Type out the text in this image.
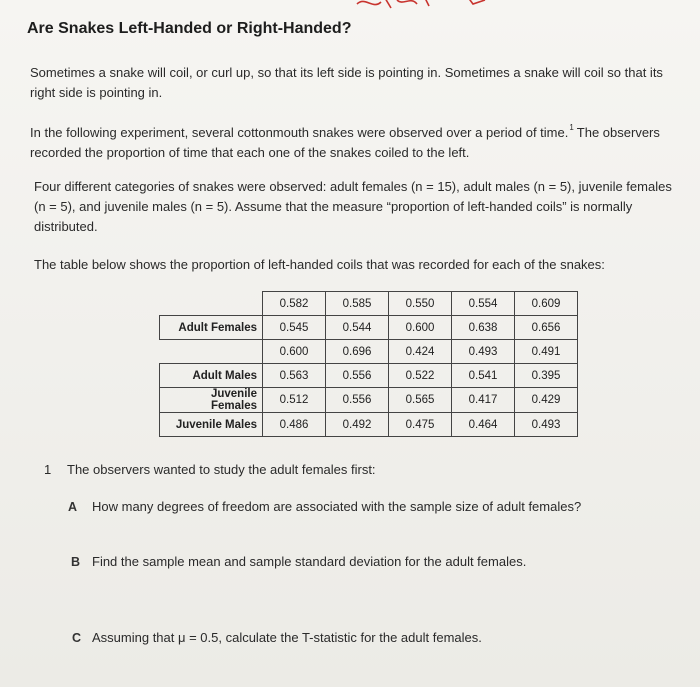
Are Snakes Left-Handed or Right-Handed?

Sometimes a snake will coil, or curl up, so that its left side is pointing in. Sometimes a snake will coil so that its right side is pointing in.

In the following experiment, several cottonmouth snakes were observed over a period of time.$^1$ The observers recorded the proportion of time that each one of the snakes coiled to the left.

Four different categories of snakes were observed: adult females (n = 15), adult males (n = 5), juvenile females (n = 5), and juvenile males (n = 5). Assume that the measure “proportion of left-handed coils” is normally distributed.

The table below shows the proportion of left-handed coils that was recorded for each of the snakes:

	0.582	0.585	0.550	0.554	0.609
Adult Females	0.545	0.544	0.600	0.638	0.656
	0.600	0.696	0.424	0.493	0.491
Adult Males	0.563	0.556	0.522	0.541	0.395
Juvenile Females	0.512	0.556	0.565	0.417	0.429
Juvenile Males	0.486	0.492	0.475	0.464	0.493
1 The observers wanted to study the adult females first:
A How many degrees of freedom are associated with the sample size of adult females?
B Find the sample mean and sample standard deviation for the adult females.
C Assuming that μ = 0.5, calculate the T-statistic for the adult females.
